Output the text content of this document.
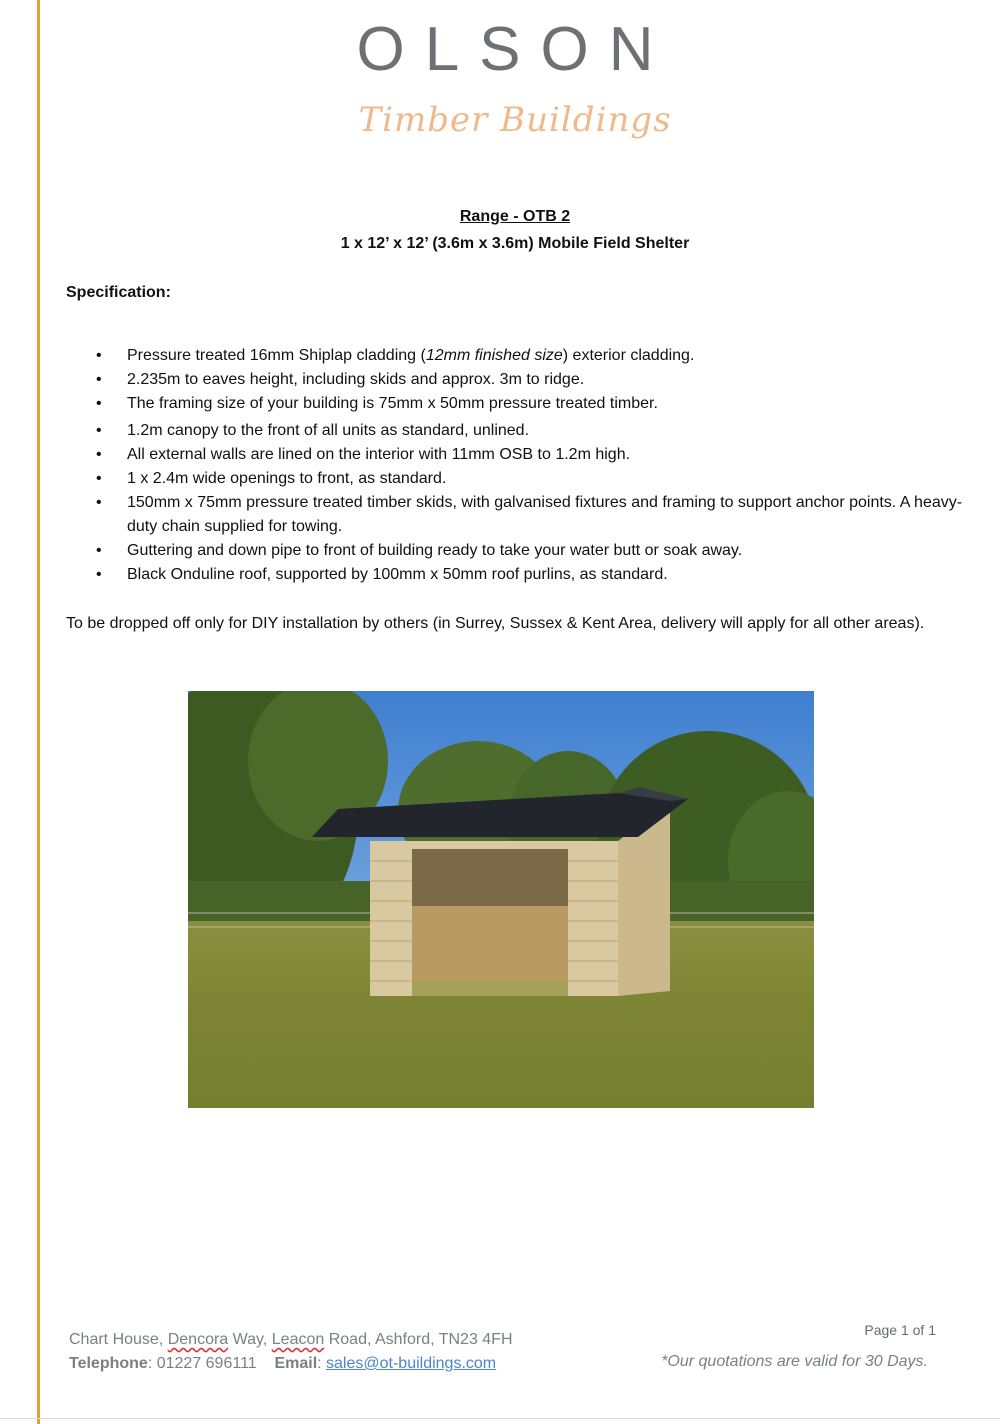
OLSON
Timber Buildings
Range - OTB 2
1 x 12’ x 12’ (3.6m x 3.6m) Mobile Field Shelter
Specification:
• Pressure treated 16mm Shiplap cladding (12mm finished size) exterior cladding.
• 2.235m to eaves height, including skids and approx. 3m to ridge.
• The framing size of your building is 75mm x 50mm pressure treated timber.
• 1.2m canopy to the front of all units as standard, unlined.
• All external walls are lined on the interior with 11mm OSB to 1.2m high.
• 1 x 2.4m wide openings to front, as standard.
• 150mm x 75mm pressure treated timber skids, with galvanised fixtures and framing to support anchor points. A heavy-duty chain supplied for towing.
• Guttering and down pipe to front of building ready to take your water butt or soak away.
• Black Onduline roof, supported by 100mm x 50mm roof purlins, as standard.
To be dropped off only for DIY installation by others (in Surrey, Sussex & Kent Area, delivery will apply for all other areas).
Chart House, Dencora Way, Leacon Road, Ashford, TN23 4FH
Telephone: 01227 696111 Email: sales@ot-buildings.com
Page 1 of 1
*Our quotations are valid for 30 Days.
